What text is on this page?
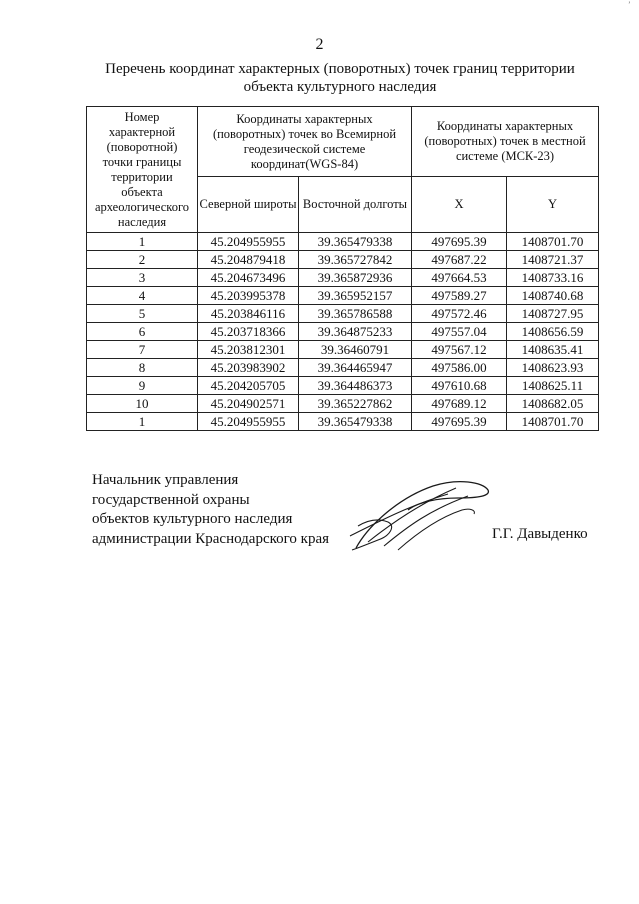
’
2
Перечень координат характерных (поворотных) точек границ территории
объекта культурного наследия
Номер характерной (поворотной) точки границы территории объекта археологического наследия	Координаты характерных (поворотных) точек во Всемирной геодезической системе координат(WGS-84)		Координаты характерных (поворотных) точек в местной системе (МСК-23)	
	Северной широты	Восточной долготы	X	Y
1	45.204955955	39.365479338	497695.39	1408701.70
2	45.204879418	39.365727842	497687.22	1408721.37
3	45.204673496	39.365872936	497664.53	1408733.16
4	45.203995378	39.365952157	497589.27	1408740.68
5	45.203846116	39.365786588	497572.46	1408727.95
6	45.203718366	39.364875233	497557.04	1408656.59
7	45.203812301	39.36460791	497567.12	1408635.41
8	45.203983902	39.364465947	497586.00	1408623.93
9	45.204205705	39.364486373	497610.68	1408625.11
10	45.204902571	39.365227862	497689.12	1408682.05
1	45.204955955	39.365479338	497695.39	1408701.70
Начальник управления
государственной охраны
объектов культурного наследия
администрации Краснодарского края	Г.Г. Давыденко
